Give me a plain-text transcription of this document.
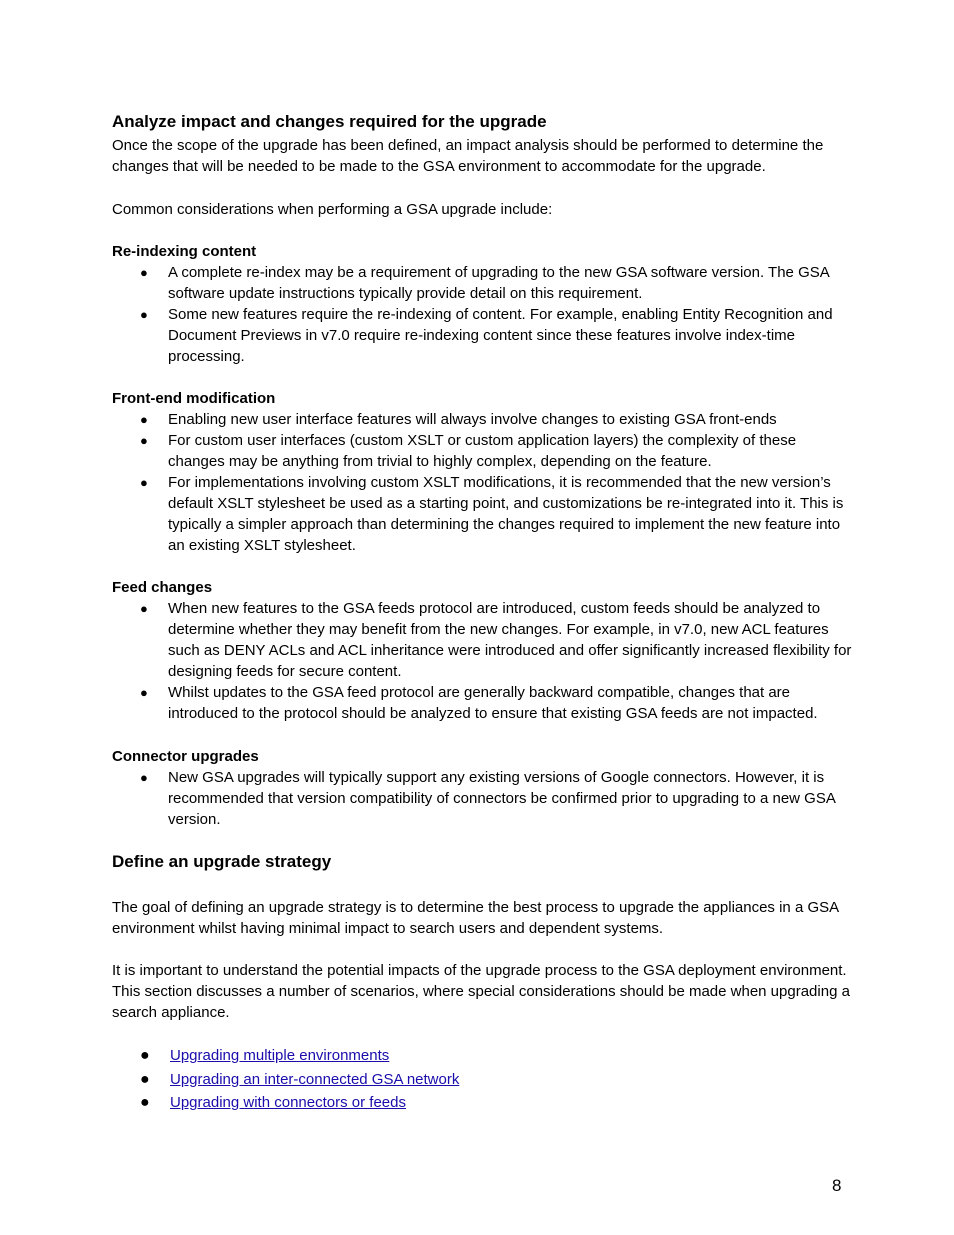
Analyze impact and changes required for the upgrade
Once the scope of the upgrade has been defined, an impact analysis should be performed to determine the changes that will be needed to be made to the GSA environment to accommodate for the upgrade.
Common considerations when performing a GSA upgrade include:
Re-indexing content
● A complete re-index may be a requirement of upgrading to the new GSA software version. The GSA software update instructions typically provide detail on this requirement.
● Some new features require the re-indexing of content. For example, enabling Entity Recognition and Document Previews in v7.0 require re-indexing content since these features involve index-time processing.
Front-end modification
● Enabling new user interface features will always involve changes to existing GSA front-ends
● For custom user interfaces (custom XSLT or custom application layers) the complexity of these changes may be anything from trivial to highly complex, depending on the feature.
● For implementations involving custom XSLT modifications, it is recommended that the new version’s default XSLT stylesheet be used as a starting point, and customizations be re-integrated into it. This is typically a simpler approach than determining the changes required to implement the new feature into an existing XSLT stylesheet.
Feed changes
● When new features to the GSA feeds protocol are introduced, custom feeds should be analyzed to determine whether they may benefit from the new changes. For example, in v7.0, new ACL features such as DENY ACLs and ACL inheritance were introduced and offer significantly increased flexibility for designing feeds for secure content.
● Whilst updates to the GSA feed protocol are generally backward compatible, changes that are introduced to the protocol should be analyzed to ensure that existing GSA feeds are not impacted.
Connector upgrades
● New GSA upgrades will typically support any existing versions of Google connectors. However, it is recommended that version compatibility of connectors be confirmed prior to upgrading to a new GSA version.
Define an upgrade strategy
The goal of defining an upgrade strategy is to determine the best process to upgrade the appliances in a GSA environment whilst having minimal impact to search users and dependent systems.
It is important to understand the potential impacts of the upgrade process to the GSA deployment environment. This section discusses a number of scenarios, where special considerations should be made when upgrading a search appliance.
● Upgrading multiple environments
● Upgrading an inter-connected GSA network
● Upgrading with connectors or feeds
8
